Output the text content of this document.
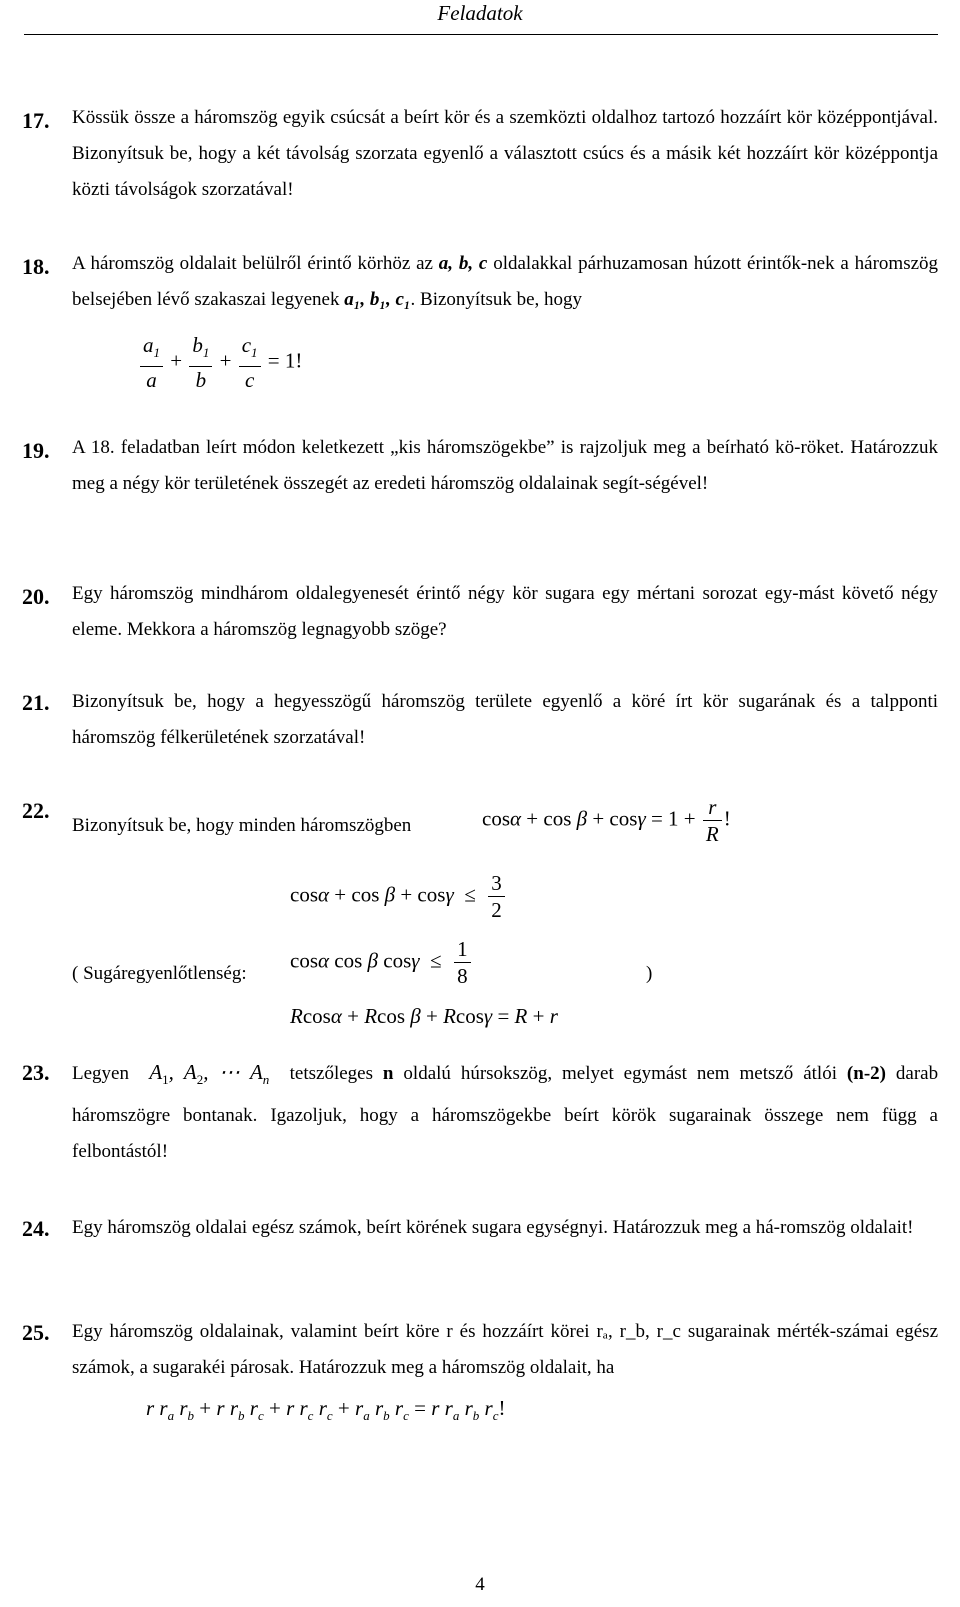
Feladatok
17. Kössük össze a háromszög egyik csúcsát a beírt kör és a szemközti oldalhoz tartozó hozzáírt kör középpontjával. Bizonyítsuk be, hogy a két távolság szorzata egyenlő a választott csúcs és a másik két hozzáírt kör középpontja közti távolságok szorzatával!
18. A háromszög oldalait belülről érintő körhöz az a, b, c oldalakkal párhuzamosan húzott érintők-nek a háromszög belsejében lévő szakaszai legyenek a₁, b₁, c₁. Bizonyítsuk be, hogy
$\frac{a_1}{a} + \frac{b_1}{b} + \frac{c_1}{c} = 1$!
19. A 18. feladatban leírt módon keletkezett „kis háromszögekbe” is rajzoljuk meg a beírható kö-röket. Határozzuk meg a négy kör területének összegét az eredeti háromszög oldalainak segít-ségével!
20. Egy háromszög mindhárom oldalegyenesét érintő négy kör sugara egy mértani sorozat egy-mást követő négy eleme. Mekkora a háromszög legnagyobb szöge?
21. Bizonyítsuk be, hogy a hegyesszögű háromszög területe egyenlő a köré írt kör sugarának és a talpponti háromszög félkerületének szorzatával!
22.
Bizonyítsuk be, hogy minden háromszögben	$\cos\alpha + \cos \beta + \cos\gamma = 1 + \frac{r}{R}$ !
$\cos\alpha + \cos \beta + \cos\gamma \le \frac{3}{2}$
( Sugáregyenlőtlenség:
cosα cos β $\cos\gamma \le \frac{1}{8}$	)
Rcosα + Rcos β + Rcosγ = R + r
23. Legyen  $A_1$, $A_2$, ⋯ $A_n$ tetszőleges n oldalú húrsokszög, melyet egymást nem metsző átlói (n-2) darab háromszögre bontanak. Igazoljuk, hogy a háromszögekbe beírt körök sugarainak összege nem függ a felbontástól!
24. Egy háromszög oldalai egész számok, beírt körének sugara egységnyi. Határozzuk meg a há-romszög oldalait!
25. Egy háromszög oldalainak, valamint beírt köre r és hozzáírt körei rₐ, r_b, r_c sugarainak mérték-számai egész számok, a sugarakéi párosak. Határozzuk meg a háromszög oldalait, ha
r $r_a$ $r_b + r$ $r_b$ $r_c + r$ $r_c$ $r_c + r_a$ $r_b$ $r_c = r$ $r_a$ $r_b$ $r_c$!
4
